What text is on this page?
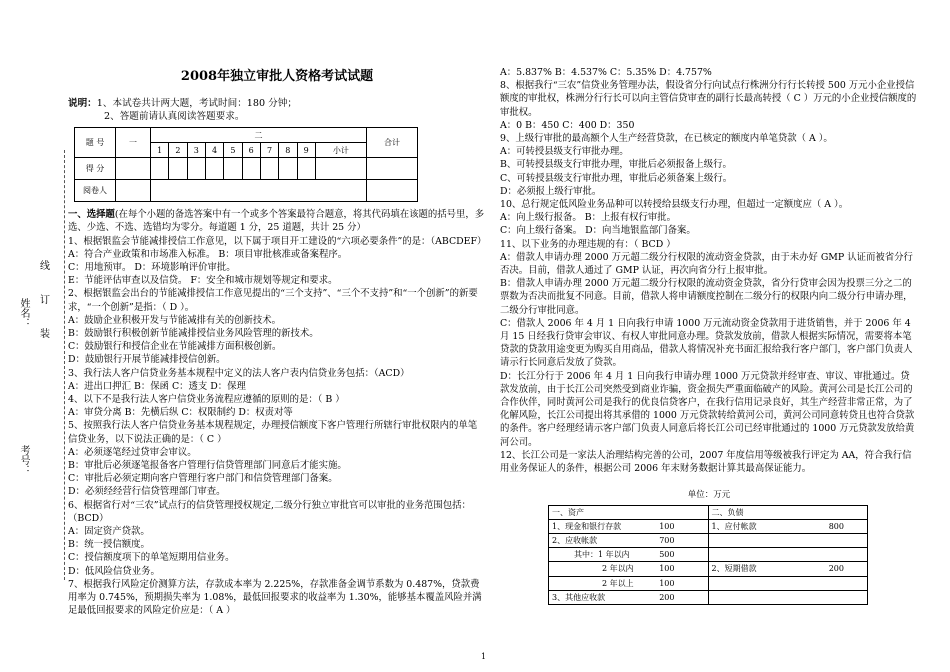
姓名：
考号：
线
订
装
2008年独立审批人资格考试试题
说明：1、本试卷共计两大题，考试时间：180 分钟；
2、答题前请认真阅读答题要求。
题 号	一	二										合计
		1	2	3	4	5	6	7	8	9	小计	
得 分												
阅卷人												

一、选择题(在每个小题的备选答案中有一个或多个答案最符合题意，将其代码填在该题的括号里，多选、少选、不选、选错均为零分。每道题 1 分，25 道题，共计 25 分）

1、根据银监会节能减排授信工作意见，以下属于项目开工建设的“六项必要条件”的是：（ABCDEF）

A：符合产业政策和市场准入标准。 B：项目审批核准或备案程序。

C：用地预审。 D：环境影响评价审批。

E：节能评估审查以及信贷。 F：安全和城市规划等规定和要求。

2、根据银监会出台的节能减排授信工作意见提出的“三个支持”、“三个不支持”和“一个创新”的新要求，“一个创新”是指：（ D ）。

A：鼓励企业积极开发与节能减排有关的创新技术。

B：鼓励银行积极创新节能减排授信业务风险管理的新技术。

C：鼓励银行和授信企业在节能减排方面积极创新。

D：鼓励银行开展节能减排授信创新。

3、我行法人客户信贷业务基本规程中定义的法人客户表内信贷业务包括：（ACD）

A：进出口押汇 B：保函 C：透支 D：保理

4、以下不是我行法人客户信贷业务流程应遵循的原则的是：（ B ）

A：审贷分离 B：先横后纵 C：权限制约 D：权责对等

5、按照我行法人客户信贷业务基本规程规定，办理授信额度下客户管理行所辖行审批权限内的单笔信贷业务，以下说法正确的是：（ C ）

A：必须逐笔经过贷审会审议。

B：审批后必须逐笔报备客户管理行信贷管理部门同意后才能实施。

C：审批后必须定期向客户管理行客户部门和信贷管理部门备案。

D：必须经经营行信贷管理部门审查。

6、根据省行对“三农”试点行的信贷管理授权规定,二级分行独立审批官可以审批的业务范围包括：（BCD）

A：固定资产贷款。

B：统一授信额度。

C：授信额度项下的单笔短期用信业务。

D：低风险信贷业务。

7、根据我行风险定价测算方法，存款成本率为 2.225%，存款准备金调节系数为 0.487%，贷款费用率为 0.745%，预期损失率为 1.08%，最低回报要求的收益率为 1.30%，能够基本覆盖风险并满足最低回报要求的风险定价应是：（ A ）

A：5.837% B：4.537% C：5.35% D：4.757%

8、根据我行“三农”信贷业务管理办法，假设省分行向试点行株洲分行行长转授 500 万元小企业授信额度的审批权，株洲分行行长可以向主管信贷审查的副行长最高转授（ C ）万元的小企业授信额度的审批权。

A：0 B：450 C：400 D：350

9、上级行审批的最高额个人生产经营贷款，在已核定的额度内单笔贷款（ A ）。

A：可转授县级支行审批办理。

B、可转授县级支行审批办理，审批后必须报备上级行。

C、可转授县级支行审批办理，审批后必须备案上级行。

D：必须报上级行审批。

10、总行规定低风险业务品种可以转授给县级支行办理，但超过一定额度应（ A ）。

A：向上级行报备。 B：上报有权行审批。

C：向上级行备案。 D：向当地银监部门备案。

11、以下业务的办理违规的有：（ BCD ）

A：借款人申请办理 2000 万元超二级分行权限的流动资金贷款，由于未办好 GMP 认证而被省分行否决。目前，借款人通过了 GMP 认证，再次向省分行上报审批。

B：借款人申请办理 2000 万元超二级分行权限的流动资金贷款，省分行贷审会因为投票三分之二的票数为否决而批复不同意。目前，借款人将申请额度控制在二级分行的权限内向二级分行申请办理，二级分行审批同意。

C：借款人 2006 年 4 月 1 日向我行申请 1000 万元流动资金贷款用于进货销售，并于 2006 年 4 月 15 日经我行贷审会审议、有权人审批同意办理。贷款发放前，借款人根据实际情况，需要将本笔贷款的贷款用途变更为购买自用商品，借款人将情况补充书面汇报给我行客户部门，客户部门负责人请示行长同意后发放了贷款。

D：长江分行于 2006 年 4 月 1 日向我行申请办理 1000 万元贷款并经审查、审议、审批通过。贷款发放前，由于长江公司突然受到商业诈骗，资金损失严重面临破产的风险。黄河公司是长江公司的合作伙伴，同时黄河公司是我行的优良信贷客户，在我行信用记录良好，其生产经营非常正常，为了化解风险，长江公司提出将其承借的 1000 万元贷款转给黄河公司，黄河公司同意转贷且也符合贷款的条件。客户经理经请示客户部门负责人同意后将长江公司已经审批通过的 1000 万元贷款发放给黄河公司。

12、长江公司是一家法人治理结构完善的公司，2007 年度信用等级被我行评定为 AA，符合我行信用业务保证人的条件，根据公司 2006 年末财务数据计算其最高保证能力。

单位：万元
一、资产	二、负债
1、现金和银行存款 100	1、应付帐款 800

2、应收帐款 700	

其中：1 年以内 500	

2 年以内 100	2、短期借款 200

2 年以上 100	

3、其他应收款 200	

1
